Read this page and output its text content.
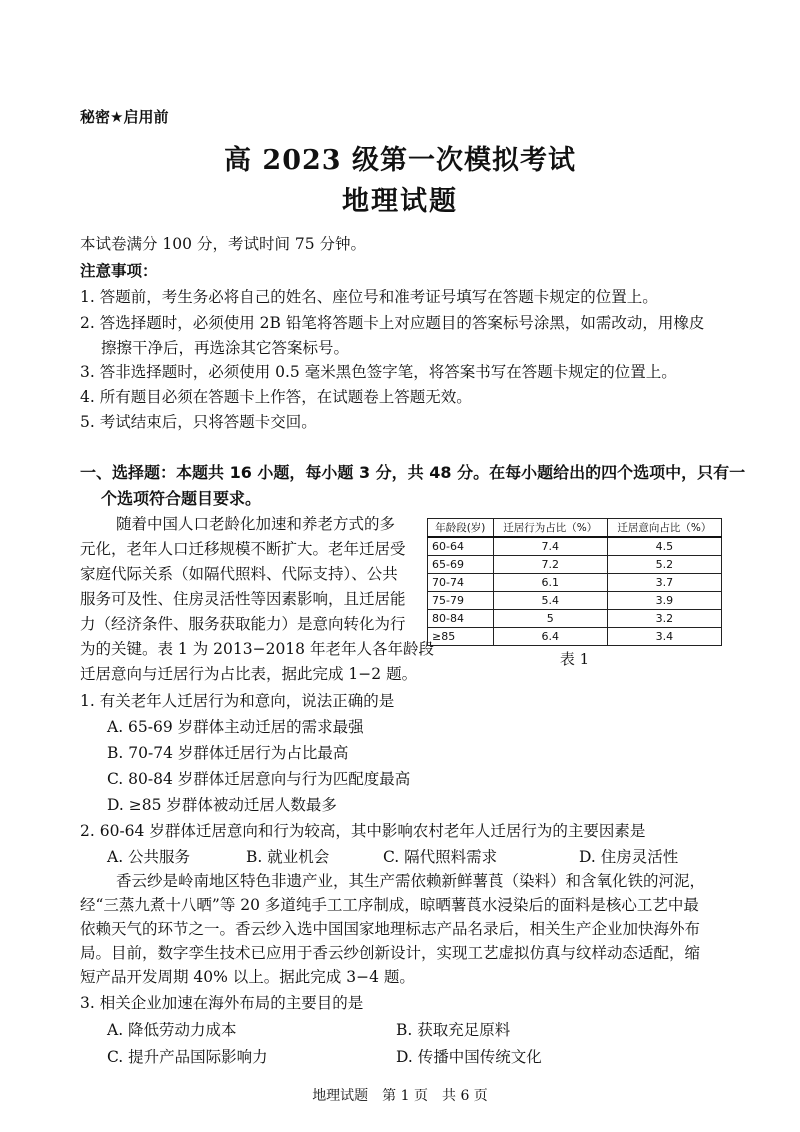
秘密★启用前
高 2023 级第一次模拟考试
地理试题
本试卷满分 100 分，考试时间 75 分钟。
注意事项：
1. 答题前，考生务必将自己的姓名、座位号和准考证号填写在答题卡规定的位置上。
2. 答选择题时，必须使用 2B 铅笔将答题卡上对应题目的答案标号涂黑，如需改动，用橡皮
擦擦干净后，再选涂其它答案标号。
3. 答非选择题时，必须使用 0.5 毫米黑色签字笔，将答案书写在答题卡规定的位置上。
4. 所有题目必须在答题卡上作答，在试题卷上答题无效。
5. 考试结束后，只将答题卡交回。
一、选择题：本题共 16 小题，每小题 3 分，共 48 分。在每小题给出的四个选项中，只有一
个选项符合题目要求。
随着中国人口老龄化加速和养老方式的多
元化，老年人口迁移规模不断扩大。老年迁居受
家庭代际关系（如隔代照料、代际支持）、公共
服务可及性、住房灵活性等因素影响，且迁居能
力（经济条件、服务获取能力）是意向转化为行
为的关键。表 1 为 2013−2018 年老年人各年龄段
迁居意向与迁居行为占比表，据此完成 1−2 题。
年龄段(岁)	迁居行为占比（%）	迁居意向占比（%）
60-64	7.4	4.5
65-69	7.2	5.2
70-74	6.1	3.7
75-79	5.4	3.9
80-84	5	3.2
≥85	6.4	3.4
表 1
1. 有关老年人迁居行为和意向，说法正确的是
A. 65-69 岁群体主动迁居的需求最强
B. 70-74 岁群体迁居行为占比最高
C. 80-84 岁群体迁居意向与行为匹配度最高
D. ≥85 岁群体被动迁居人数最多
2. 60-64 岁群体迁居意向和行为较高，其中影响农村老年人迁居行为的主要因素是
A. 公共服务	B. 就业机会	C. 隔代照料需求	D. 住房灵活性
香云纱是岭南地区特色非遗产业，其生产需依赖新鲜薯莨（染料）和含氧化铁的河泥，
经“三蒸九煮十八晒”等 20 多道纯手工工序制成，晾晒薯莨水浸染后的面料是核心工艺中最
依赖天气的环节之一。香云纱入选中国国家地理标志产品名录后，相关生产企业加快海外布
局。目前，数字孪生技术已应用于香云纱创新设计，实现工艺虚拟仿真与纹样动态适配，缩
短产品开发周期 40% 以上。据此完成 3−4 题。
3. 相关企业加速在海外布局的主要目的是
A. 降低劳动力成本	B. 获取充足原料
C. 提升产品国际影响力	D. 传播中国传统文化
地理试题　第 1 页　共 6 页
